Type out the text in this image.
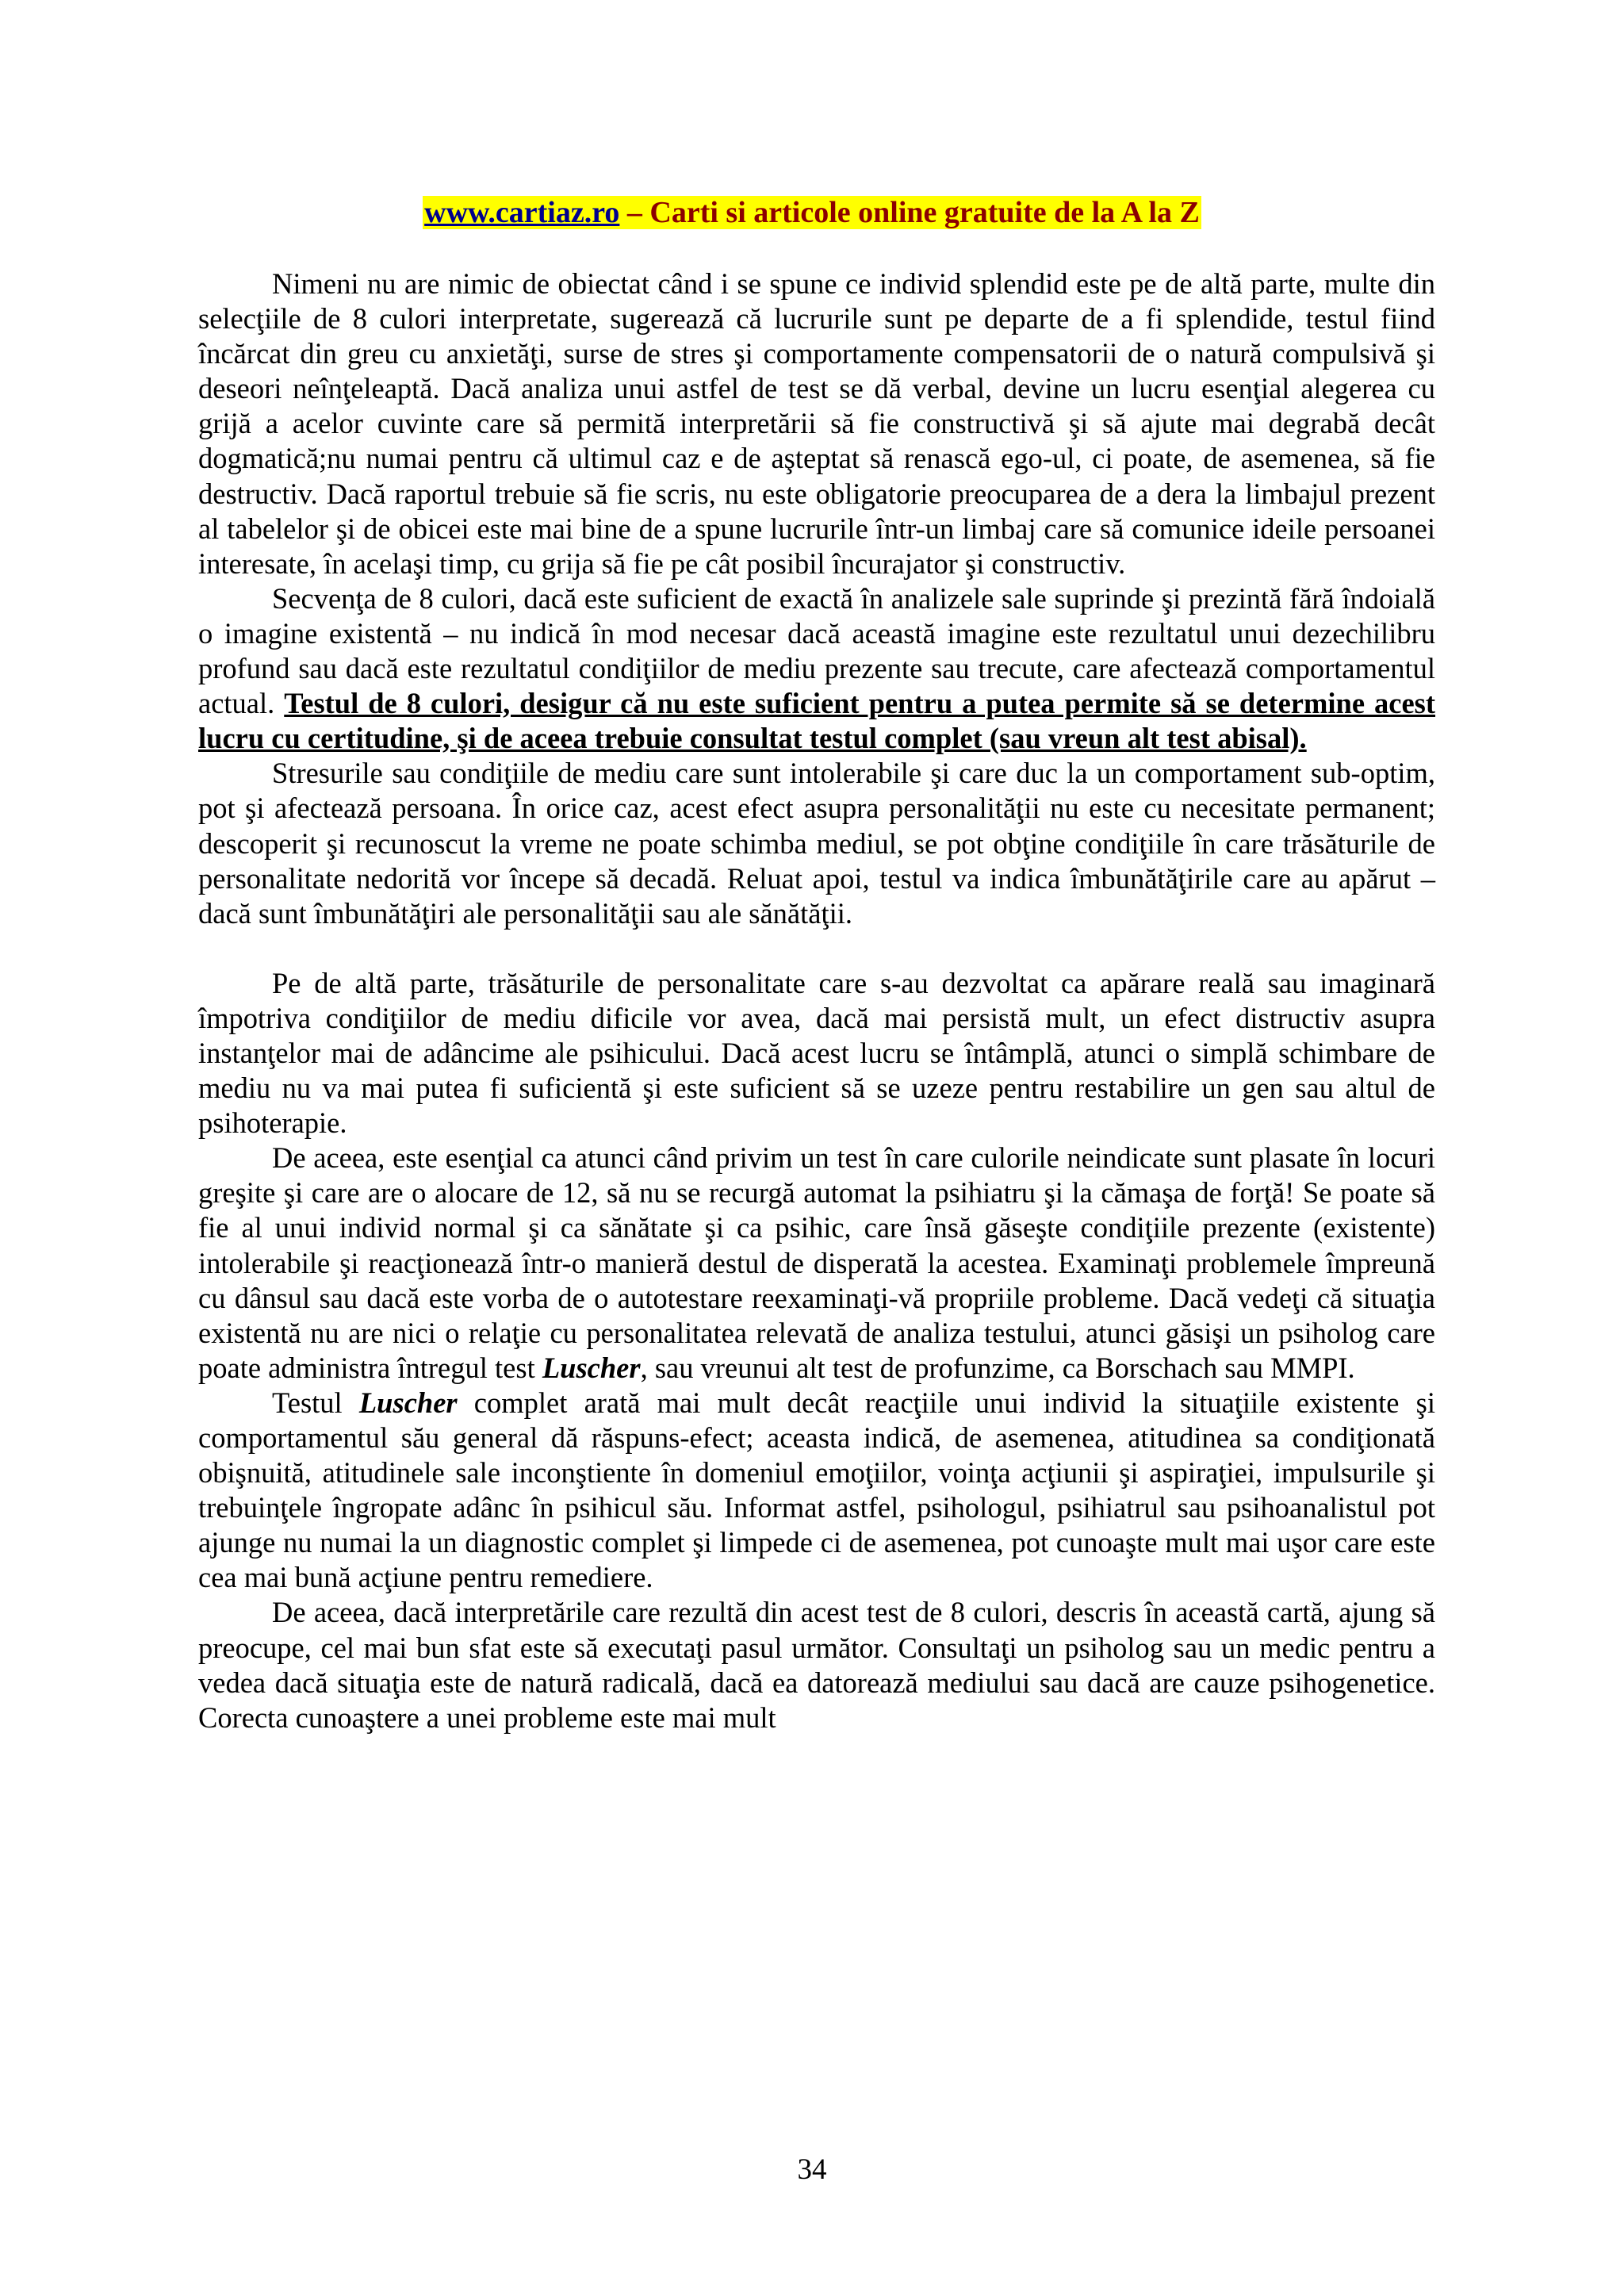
www.cartiaz.ro – Carti si articole online gratuite de la A la Z

Nimeni nu are nimic de obiectat când i se spune ce individ splendid este pe de altă parte, multe din selecţiile de 8 culori interpretate, sugerează că lucrurile sunt pe departe de a fi splendide, testul fiind încărcat din greu cu anxietăţi, surse de stres şi comportamente compensatorii de o natură compulsivă şi deseori neînţeleaptă. Dacă analiza unui astfel de test se dă verbal, devine un lucru esenţial alegerea cu grijă a acelor cuvinte care să permită interpretării să fie constructivă şi să ajute mai degrabă decât dogmatică;nu numai pentru că ultimul caz e de aşteptat să renască ego-ul, ci poate, de asemenea, să fie destructiv. Dacă raportul trebuie să fie scris, nu este obligatorie preocuparea de a dera la limbajul prezent al tabelelor şi de obicei este mai bine de a spune lucrurile într-un limbaj care să comunice ideile persoanei interesate, în acelaşi timp, cu grija să fie pe cât posibil încurajator şi constructiv.

Secvenţa de 8 culori, dacă este suficient de exactă în analizele sale suprinde şi prezintă fără îndoială o imagine existentă – nu indică în mod necesar dacă această imagine este rezultatul unui dezechilibru profund sau dacă este rezultatul condiţiilor de mediu prezente sau trecute, care afectează comportamentul actual. Testul de 8 culori, desigur că nu este suficient pentru a putea permite să se determine acest lucru cu certitudine, şi de aceea trebuie consultat testul complet (sau vreun alt test abisal).

Stresurile sau condiţiile de mediu care sunt intolerabile şi care duc la un comportament sub-optim, pot şi afectează persoana. În orice caz, acest efect asupra personalităţii nu este cu necesitate permanent; descoperit şi recunoscut la vreme ne poate schimba mediul, se pot obţine condiţiile în care trăsăturile de personalitate nedorită vor începe să decadă. Reluat apoi, testul va indica îmbunătăţirile care au apărut – dacă sunt îmbunătăţiri ale personalităţii sau ale sănătăţii.

Pe de altă parte, trăsăturile de personalitate care s-au dezvoltat ca apărare reală sau imaginară împotriva condiţiilor de mediu dificile vor avea, dacă mai persistă mult, un efect distructiv asupra instanţelor mai de adâncime ale psihicului. Dacă acest lucru se întâmplă, atunci o simplă schimbare de mediu nu va mai putea fi suficientă şi este suficient să se uzeze pentru restabilire un gen sau altul de psihoterapie.

De aceea, este esenţial ca atunci când privim un test în care culorile neindicate sunt plasate în locuri greşite şi care are o alocare de 12, să nu se recurgă automat la psihiatru şi la cămaşa de forţă! Se poate să fie al unui individ normal şi ca sănătate şi ca psihic, care însă găseşte condiţiile prezente (existente) intolerabile şi reacţionează într-o manieră destul de disperată la acestea. Examinaţi problemele împreună cu dânsul sau dacă este vorba de o autotestare reexaminaţi-vă propriile probleme. Dacă vedeţi că situaţia existentă nu are nici o relaţie cu personalitatea relevată de analiza testului, atunci găsişi un psiholog care poate administra întregul test Luscher, sau vreunui alt test de profunzime, ca Borschach sau MMPI.

Testul Luscher complet arată mai mult decât reacţiile unui individ la situaţiile existente şi comportamentul său general dă răspuns-efect; aceasta indică, de asemenea, atitudinea sa condiţionată obişnuită, atitudinele sale inconştiente în domeniul emoţiilor, voinţa acţiunii şi aspiraţiei, impulsurile şi trebuinţele îngropate adânc în psihicul său. Informat astfel, psihologul, psihiatrul sau psihoanalistul pot ajunge nu numai la un diagnostic complet şi limpede ci de asemenea, pot cunoaşte mult mai uşor care este cea mai bună acţiune pentru remediere.

De aceea, dacă interpretările care rezultă din acest test de 8 culori, descris în această cartă, ajung să preocupe, cel mai bun sfat este să executaţi pasul următor. Consultaţi un psiholog sau un medic pentru a vedea dacă situaţia este de natură radicală, dacă ea datorează mediului sau dacă are cauze psihogenetice. Corecta cunoaştere a unei probleme este mai mult

34
